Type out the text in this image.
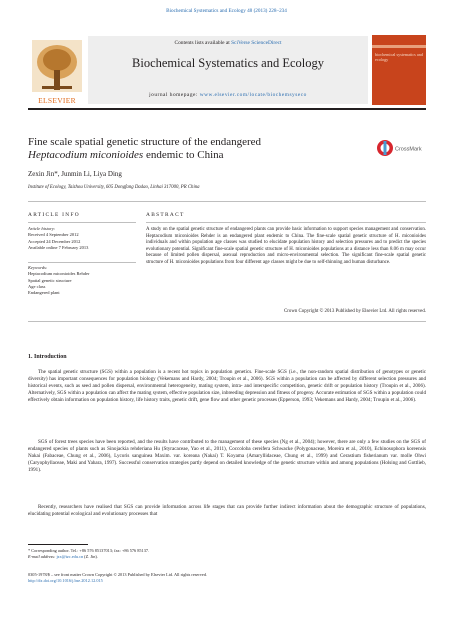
Biochemical Systematics and Ecology 48 (2013) 228–234
ELSEVIER
Contents lists available at SciVerse ScienceDirect
Biochemical Systematics and Ecology
journal homepage: www.elsevier.com/locate/biochemsyseco
biochemical systematics and ecology
Fine scale spatial genetic structure of the endangered
Heptacodium miconioides endemic to China	CrossMark
Zexin Jin*, Junmin Li, Liya Ding
Institute of Ecology, Taizhou University, 605 Dongfang Dadao, Linhai 317000, PR China
ARTICLE INFO	ABSTRACT
Article history:
Received 4 September 2012
Accepted 24 December 2012
Available online 7 February 2013
Keywords:
Heptacodium miconioides Rehder
Spatial genetic structure
Age class
Endangered plant
A study on the spatial genetic structure of endangered plants can provide basic information to support species management and conservation. Heptacodium miconioides Rehder is an endangered plant endemic to China. The fine-scale spatial genetic structure of H. miconioides individuals and within population age classes was studied to elucidate population history and selection pressures and to predict the species evolutionary potential. Significant fine-scale spatial genetic structure of H. miconioides populations at a distance less than 8.06 m may occur because of limited pollen dispersal, asexual reproduction and micro-environmental selection. The significant fine-scale spatial genetic structure of H. miconioides populations from four different age classes might be due to self-thinning and human disturbance.
Crown Copyright © 2013 Published by Elsevier Ltd. All rights reserved.
1. Introduction
The spatial genetic structure (SGS) within a population is a recent hot topics in population genetics. Fine-scale SGS (i.e., the non-random spatial distribution of genotypes or genetic diversity) has important consequences for population biology (Vekemans and Hardy, 2004; Troupin et al., 2006). SGS within a population can be affected by different selection pressures and historical events, such as seed and pollen dispersal, environmental heterogeneity, mating system, intra- and interspecific competition, genetic drift or population history (Troupin et al., 2006). Alternatively, SGS within a population can affect the mating system, effective population size, inbreeding depression and fitness of progeny. Accurate estimation of SGS within a population could effectively obtain information on population history, life history traits, genetic drift, gene flow and other genetic processes (Epperson, 1993; Vekemans and Hardy, 2004; Troupin et al., 2006).
SGS of forest trees species have been reported, and the results have contributed to the management of these species (Ng et al., 2004); however, there are only a few studies on the SGS of endangered species of plants such as Sinojackia rehderiana Hu (Styracaceae, Yao et al., 2011), Coccoloba cereifera Schwacke (Polygonaceae, Moreira et al., 2010), Echinosophora koreensis Nakai (Fabaceae, Chung et al., 2006), Lycoris sanguinea Maxim. var. koreana (Nakai) T. Koyama (Amaryllidaceae, Chung et al., 1999) and Cerastium fisherianum var. molle Ohwi (Caryophyllaceae, Maki and Yahara, 1997). Successful conservation strategies partly depend on detailed knowledge of the genetic structure within and among populations (Holsing and Gottlieb, 1991).
Recently, researchers have realised that SGS can provide information across life stages that can provide further indirect information about the demographic structure of populations, elucidating potential ecological and evolutionary processes that
* Corresponding author. Tel.: +86 576 85137013; fax: +86 576 85137.
E-mail address: jzx@tzc.edu.cn (Z. Jin).
0305-1978/$ – see front matter Crown Copyright © 2013 Published by Elsevier Ltd. All rights reserved.
http://dx.doi.org/10.1016/j.bse.2012.12.015
